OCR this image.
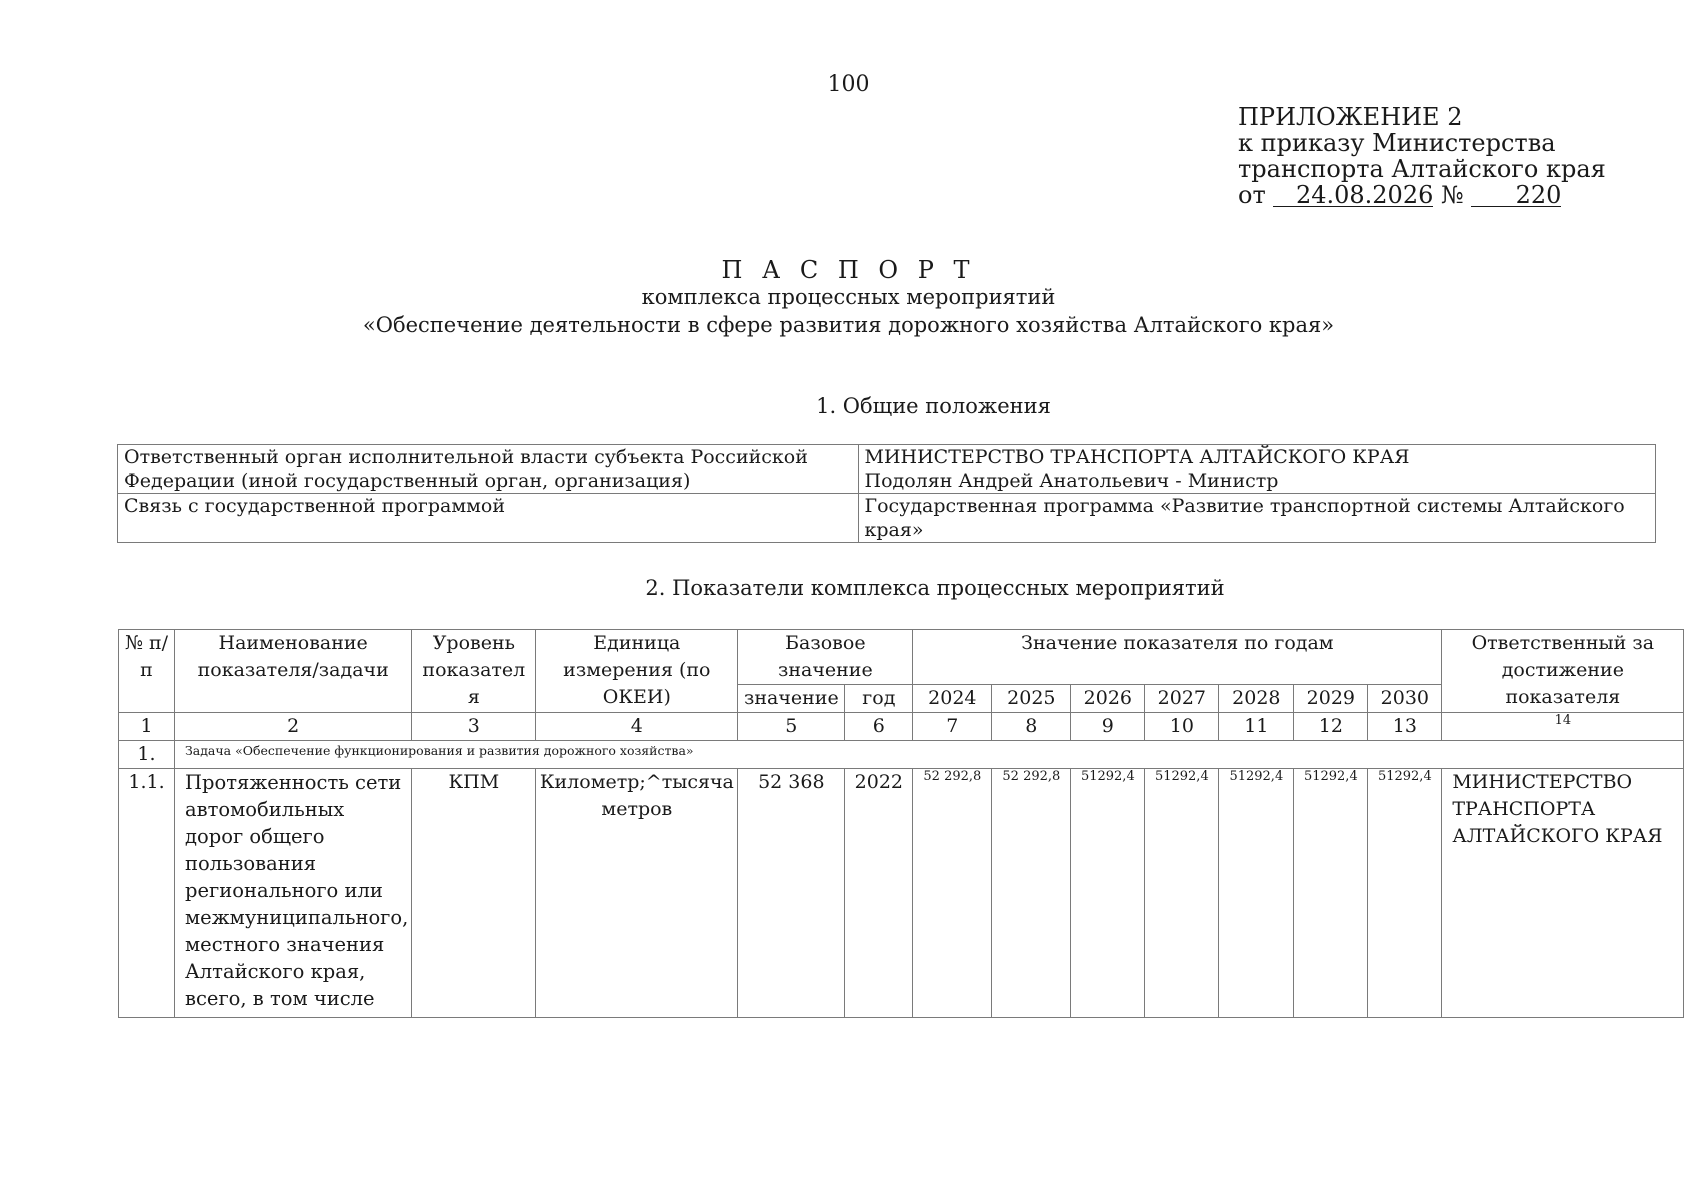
100
ПРИЛОЖЕНИЕ 2
к приказу Министерства
транспорта Алтайского края
от 24.08.2026 № 220
П А С П О Р Т
комплекса процессных мероприятий
«Обеспечение деятельности в сфере развития дорожного хозяйства Алтайского края»
1. Общие положения
Ответственный орган исполнительной власти субъекта Российской Федерации (иной государственный орган, организация)	МИНИСТЕРСТВО ТРАНСПОРТА АЛТАЙСКОГО КРАЯ
Подолян Андрей Анатольевич - Министр

Связь с государственной программой	Государственная программа «Развитие транспортной системы Алтайского края»
2. Показатели комплекса процессных мероприятий
№ п/п	Наименование показателя/задачи	Уровень показател я	Единица измерения (по ОКЕИ)	Базовое значение		Значение показателя по годам							Ответственный за достижение показателя
				значение	год	2024	2025	2026	2027	2028	2029	2030	
1	2	3	4	5	6	7	8	9	10	11	12	13	14
1.	Задача «Обеспечение функционирования и развития дорожного хозяйства»												
1.1.	Протяженность сети автомобильных дорог общего пользования регионального или межмуниципального, местного значения Алтайского края, всего, в том числе	КПМ	Километр;^тысяча метров	52 368	2022	52 292,8	52 292,8	51292,4	51292,4	51292,4	51292,4	51292,4	МИНИСТЕРСТВО ТРАНСПОРТА АЛТАЙСКОГО КРАЯ
